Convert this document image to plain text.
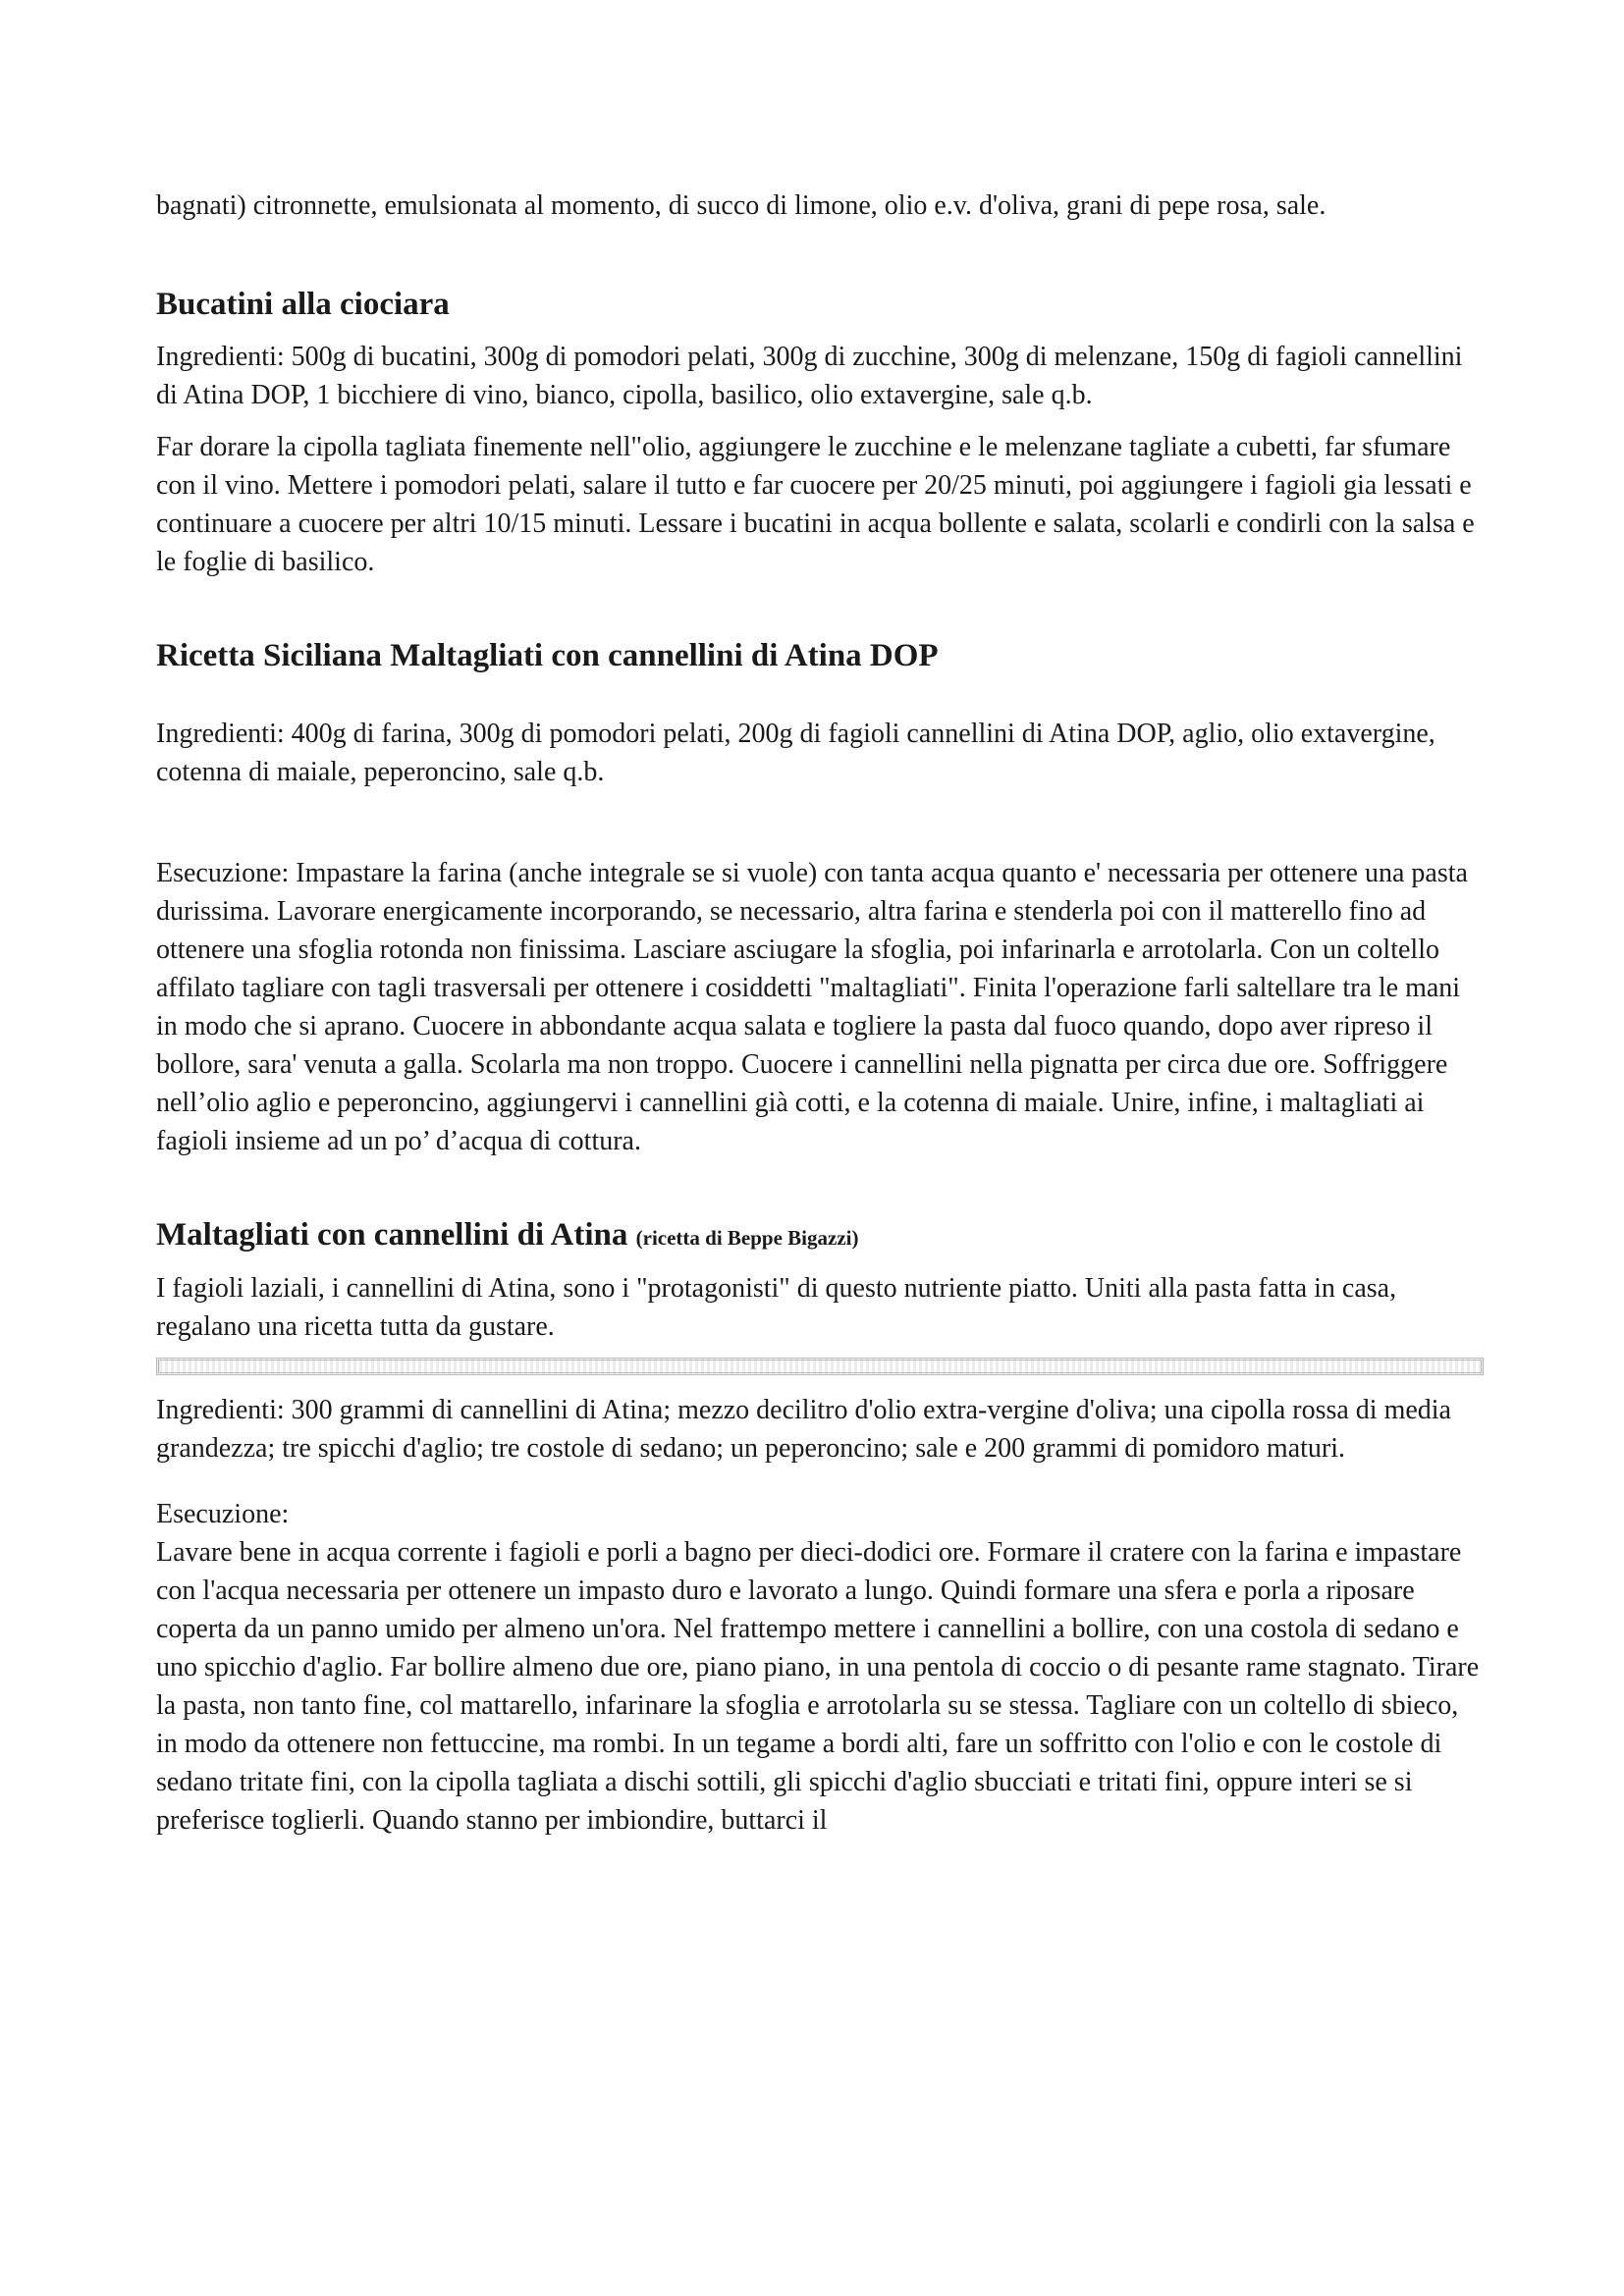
bagnati) citronnette, emulsionata al momento, di succo di limone, olio e.v. d'oliva, grani di pepe rosa, sale.

Bucatini alla ciociara

Ingredienti: 500g di bucatini, 300g di pomodori pelati, 300g di zucchine, 300g di melenzane, 150g di fagioli cannellini di Atina DOP, 1 bicchiere di vino, bianco, cipolla, basilico, olio extavergine, sale q.b.

Far dorare la cipolla tagliata finemente nell"olio, aggiungere le zucchine e le melenzane tagliate a cubetti, far sfumare con il vino. Mettere i pomodori pelati, salare il tutto e far cuocere per 20/25 minuti, poi aggiungere i fagioli gia lessati e continuare a cuocere per altri 10/15 minuti. Lessare i bucatini in acqua bollente e salata, scolarli e condirli con la salsa e le foglie di basilico.

Ricetta Siciliana Maltagliati con cannellini di Atina DOP

Ingredienti: 400g di farina, 300g di pomodori pelati, 200g di fagioli cannellini di Atina DOP, aglio, olio extavergine, cotenna di maiale, peperoncino, sale q.b.

Esecuzione: Impastare la farina (anche integrale se si vuole) con tanta acqua quanto e' necessaria per ottenere una pasta durissima. Lavorare energicamente incorporando, se necessario, altra farina e stenderla poi con il matterello fino ad ottenere una sfoglia rotonda non finissima. Lasciare asciugare la sfoglia, poi infarinarla e arrotolarla. Con un coltello affilato tagliare con tagli trasversali per ottenere i cosiddetti "maltagliati". Finita l'operazione farli saltellare tra le mani in modo che si aprano. Cuocere in abbondante acqua salata e togliere la pasta dal fuoco quando, dopo aver ripreso il bollore, sara' venuta a galla. Scolarla ma non troppo. Cuocere i cannellini nella pignatta per circa due ore. Soffriggere nell’olio aglio e peperoncino, aggiungervi i cannellini già cotti, e la cotenna di maiale. Unire, infine, i maltagliati ai fagioli insieme ad un po’ d’acqua di cottura.

Maltagliati con cannellini di Atina (ricetta di Beppe Bigazzi)

I fagioli laziali, i cannellini di Atina, sono i "protagonisti" di questo nutriente piatto. Uniti alla pasta fatta in casa, regalano una ricetta tutta da gustare.

Ingredienti: 300 grammi di cannellini di Atina; mezzo decilitro d'olio extra-vergine d'oliva; una cipolla rossa di media grandezza; tre spicchi d'aglio; tre costole di sedano; un peperoncino; sale e 200 grammi di pomidoro maturi.

Esecuzione:

Lavare bene in acqua corrente i fagioli e porli a bagno per dieci-dodici ore. Formare il cratere con la farina e impastare con l'acqua necessaria per ottenere un impasto duro e lavorato a lungo. Quindi formare una sfera e porla a riposare coperta da un panno umido per almeno un'ora. Nel frattempo mettere i cannellini a bollire, con una costola di sedano e uno spicchio d'aglio. Far bollire almeno due ore, piano piano, in una pentola di coccio o di pesante rame stagnato. Tirare la pasta, non tanto fine, col mattarello, infarinare la sfoglia e arrotolarla su se stessa. Tagliare con un coltello di sbieco, in modo da ottenere non fettuccine, ma rombi. In un tegame a bordi alti, fare un soffritto con l'olio e con le costole di sedano tritate fini, con la cipolla tagliata a dischi sottili, gli spicchi d'aglio sbucciati e tritati fini, oppure interi se si preferisce toglierli. Quando stanno per imbiondire, buttarci il
